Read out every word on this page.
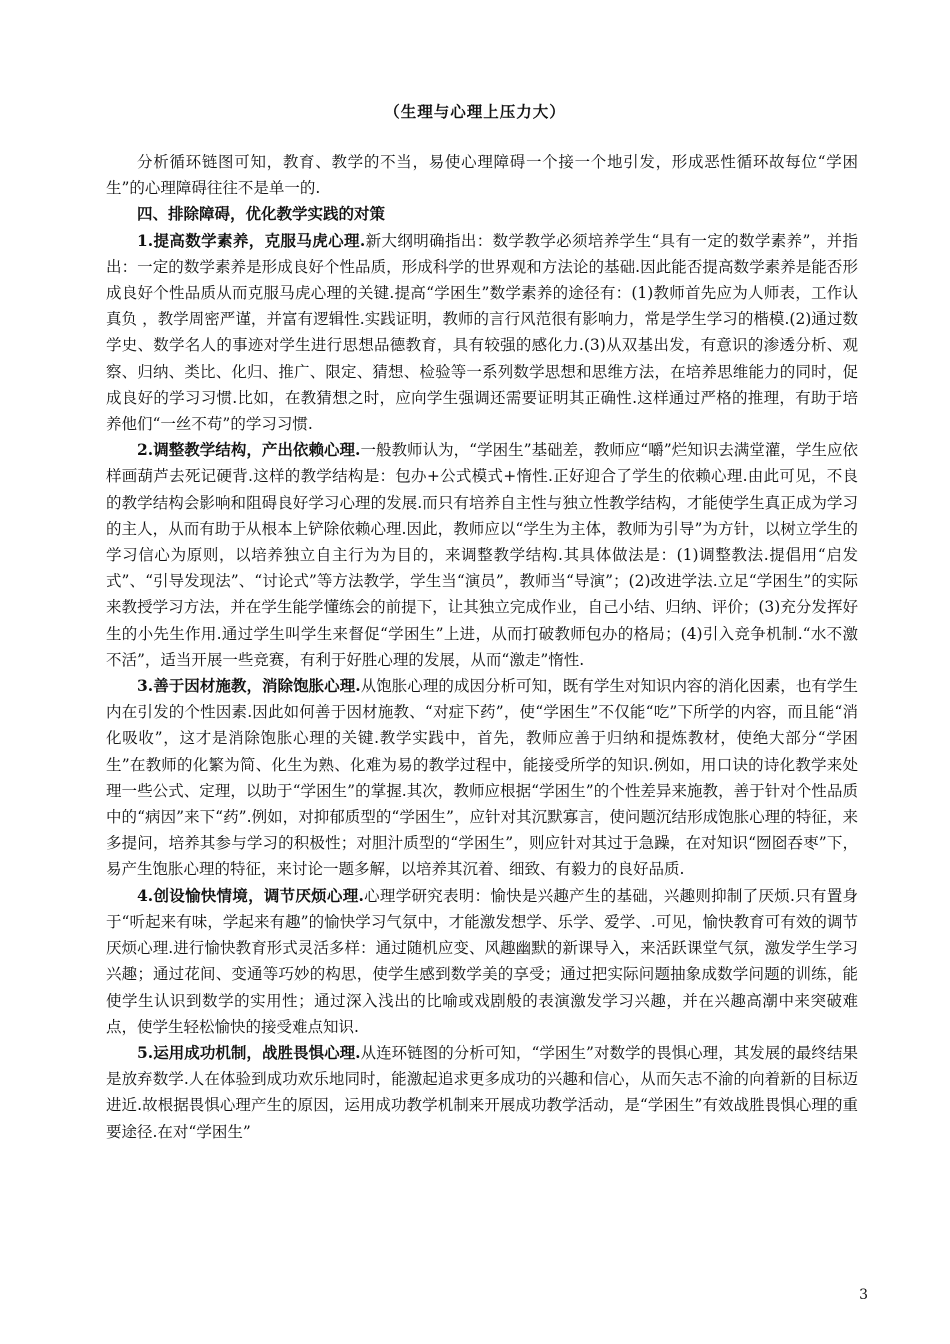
（生理与心理上压力大）

分析循环链图可知，教育、教学的不当，易使心理障碍一个接一个地引发，形成恶性循环故每位“学困生”的心理障碍往往不是单一的.

四、排除障碍，优化教学实践的对策

1.提高数学素养，克服马虎心理.新大纲明确指出：数学教学必须培养学生“具有一定的数学素养”，并指出：一定的数学素养是形成良好个性品质，形成科学的世界观和方法论的基础.因此能否提高数学素养是能否形成良好个性品质从而克服马虎心理的关键.提高“学困生”数学素养的途径有：(1)教师首先应为人师表，工作认真负 ，教学周密严谨，并富有逻辑性.实践证明，教师的言行风范很有影响力，常是学生学习的楷模.(2)通过数学史、数学名人的事迹对学生进行思想品德教育，具有较强的感化力.(3)从双基出发，有意识的渗透分析、观察、归纳、类比、化归、推广、限定、猜想、检验等一系列数学思想和思维方法，在培养思维能力的同时，促成良好的学习习惯.比如，在教猜想之时，应向学生强调还需要证明其正确性.这样通过严格的推理，有助于培养他们“一丝不苟”的学习习惯.

2.调整教学结构，产出依赖心理.一般教师认为，“学困生”基础差，教师应“嚼”烂知识去满堂灌，学生应依样画葫芦去死记硬背.这样的教学结构是：包办+公式模式+惰性.正好迎合了学生的依赖心理.由此可见，不良的教学结构会影响和阻碍良好学习心理的发展.而只有培养自主性与独立性教学结构，才能使学生真正成为学习的主人，从而有助于从根本上铲除依赖心理.因此，教师应以“学生为主体，教师为引导”为方针，以树立学生的 学习信心为原则，以培养独立自主行为为目的，来调整教学结构.其具体做法是：(1)调整教法.提倡用“启发式”、“引导发现法”、“讨论式”等方法教学，学生当“演员”，教师当“导演”；(2)改进学法.立足“学困生”的实际来教授学习方法，并在学生能学懂练会的前提下，让其独立完成作业，自己小结、归纳、评价；(3)充分发挥好生的小先生作用.通过学生叫学生来督促“学困生”上进，从而打破教师包办的格局；(4)引入竞争机制.“水不激不活”，适当开展一些竞赛，有利于好胜心理的发展，从而“激走”惰性.

3.善于因材施教，消除饱胀心理.从饱胀心理的成因分析可知，既有学生对知识内容的消化因素，也有学生内在引发的个性因素.因此如何善于因材施教、“对症下药”，使“学困生”不仅能“吃”下所学的内容，而且能“消化吸收”，这才是消除饱胀心理的关键.教学实践中，首先，教师应善于归纳和提炼教材，使绝大部分“学困生”在教师的化繁为简、化生为熟、化难为易的教学过程中，能接受所学的知识.例如，用口诀的诗化教学来处理一些公式、定理，以助于“学困生”的掌握.其次，教师应根据“学困生”的个性差异来施教，善于针对个性品质中的“病因”来下“药”.例如，对抑郁质型的“学困生”，应针对其沉默寡言，使问题沉结形成饱胀心理的特征，来多提问，培养其参与学习的积极性；对胆汁质型的“学困生”，则应针对其过于急躁，在对知识“囫囵吞枣”下，易产生饱胀心理的特征，来讨论一题多解，以培养其沉着、细致、有毅力的良好品质.

4.创设愉快情境，调节厌烦心理.心理学研究表明：愉快是兴趣产生的基础，兴趣则抑制了厌烦.只有置身于“听起来有味，学起来有趣”的愉快学习气氛中，才能激发想学、乐学、爱学、.可见，愉快教育可有效的调节厌烦心理.进行愉快教育形式灵活多样：通过随机应变、风趣幽默的新课导入，来活跃课堂气氛，激发学生学习兴趣；通过花间、变通等巧妙的构思，使学生感到数学美的享受；通过把实际问题抽象成数学问题的训练，能使学生认识到数学的实用性；通过深入浅出的比喻或戏剧般的表演激发学习兴趣，并在兴趣高潮中来突破难点，使学生轻松愉快的接受难点知识.

5.运用成功机制，战胜畏惧心理.从连环链图的分析可知，“学困生”对数学的畏惧心理，其发展的最终结果是放弃数学.人在体验到成功欢乐地同时，能激起追求更多成功的兴趣和信心，从而矢志不渝的向着新的目标迈进近.故根据畏惧心理产生的原因，运用成功教学机制来开展成功教学活动，是“学困生”有效战胜畏惧心理的重要途径.在对“学困生”

3
